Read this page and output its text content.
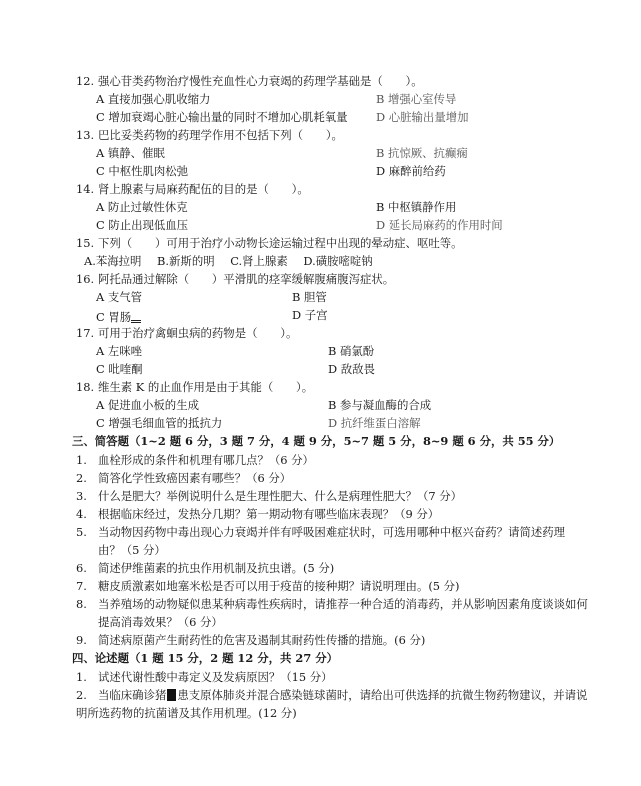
12. 强心苷类药物治疗慢性充血性心力衰竭的药理学基础是（　　）。
A 直接加强心肌收缩力	B 增强心室传导
C 增加衰竭心脏心输出量的同时不增加心肌耗氧量 D 心脏输出量增加
13. 巴比妥类药物的药理学作用不包括下列（　　）。
A 镇静、催眠	B 抗惊厥、抗癫痫
C 中枢性肌肉松弛	D 麻醉前给药
14. 肾上腺素与局麻药配伍的目的是（　　）。
A 防止过敏性休克	B 中枢镇静作用
C 防止出现低血压	D 延长局麻药的作用时间
15. 下列（　　）可用于治疗小动物长途运输过程中出现的晕动症、呕吐等。
A.苯海拉明 B.新斯的明 C.肾上腺素 D.磺胺嘧啶钠
16. 阿托品通过解除（　　）平滑肌的痉挛缓解腹痛腹泻症状。
A 支气管	B 胆管
C 胃肠	D 子宫
17. 可用于治疗禽蛔虫病的药物是（　　）。
A 左咪唑	B 硝氯酚
C 吡喹酮	D 敌敌畏
18. 维生素 K 的止血作用是由于其能（　　）。
A 促进血小板的生成	B 参与凝血酶的合成
C 增强毛细血管的抵抗力	D 抗纤维蛋白溶解
三、简答题（1~2 题 6 分，3 题 7 分，4 题 9 分，5~7 题 5 分，8~9 题 6 分，共 55 分）
1. 血栓形成的条件和机理有哪几点？（6 分）
2. 简答化学性致癌因素有哪些？（6 分）
3. 什么是肥大？举例说明什么是生理性肥大、什么是病理性肥大？（7 分）
4. 根据临床经过，发热分几期？第一期动物有哪些临床表现？（9 分）
5. 当动物因药物中毒出现心力衰竭并伴有呼吸困难症状时，可选用哪种中枢兴奋药？请简述药理
由？（5 分）
6. 简述伊维菌素的抗虫作用机制及抗虫谱。(5 分)
7. 糖皮质激素如地塞米松是否可以用于疫苗的接种期？请说明理由。(5 分)
8. 当养殖场的动物疑似患某种病毒性疾病时，请推荐一种合适的消毒药，并从影响因素角度谈谈如何
提高消毒效果？（6 分）
9. 简述病原菌产生耐药性的危害及遏制其耐药性传播的措施。(6 分)
四、论述题（1 题 15 分，2 题 12 分，共 27 分）
1. 试述代谢性酸中毒定义及发病原因？（15 分）
2. 当临床确诊猪 患支原体肺炎并混合感染链球菌时，请给出可供选择的抗微生物药物建议，并请说
明所选药物的抗菌谱及其作用机理。(12 分)
